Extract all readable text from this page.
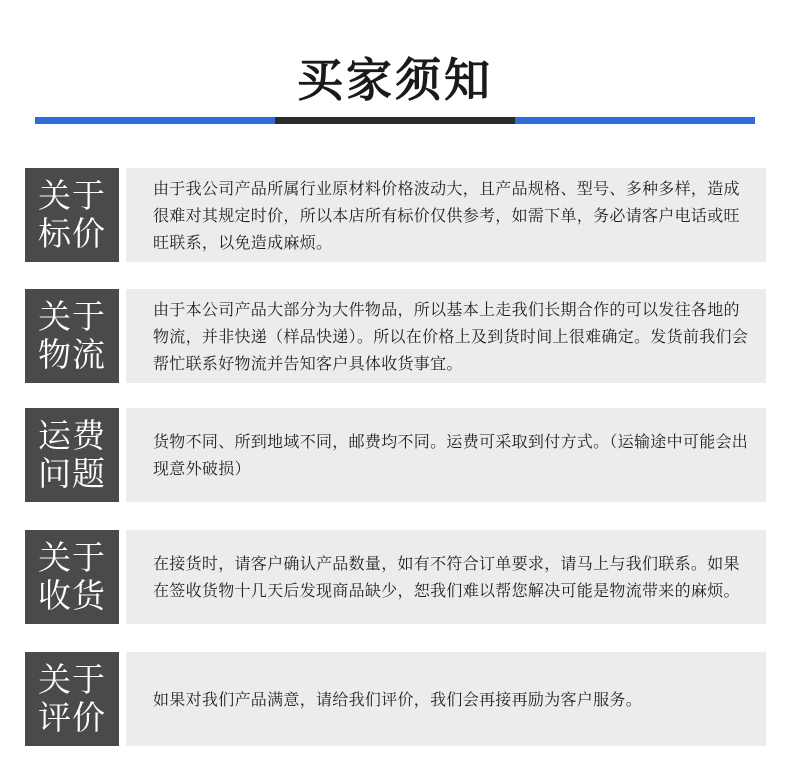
买家须知
关于
标价

由于我公司产品所属行业原材料价格波动大，且产品规格、型号、多种多样，造成很难对其规定时价，所以本店所有标价仅供参考，如需下单，务必请客户电话或旺旺联系，以免造成麻烦。

关于
物流

由于本公司产品大部分为大件物品，所以基本上走我们长期合作的可以发往各地的物流，并非快递（样品快递）。所以在价格上及到货时间上很难确定。发货前我们会帮忙联系好物流并告知客户具体收货事宜。

运费
问题

货物不同、所到地域不同，邮费均不同。运费可采取到付方式。（运输途中可能会出现意外破损）

关于
收货

在接货时，请客户确认产品数量，如有不符合订单要求，请马上与我们联系。如果在签收货物十几天后发现商品缺少，恕我们难以帮您解决可能是物流带来的麻烦。

关于
评价	如果对我们产品满意，请给我们评价，我们会再接再励为客户服务。
